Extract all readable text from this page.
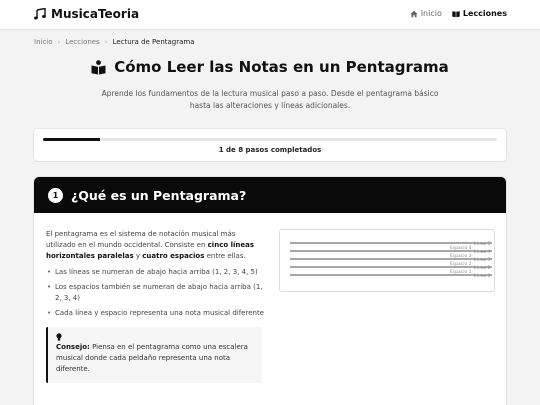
MusicaTeoria	Inicio	Lecciones
Inicio › Lecciones › Lectura de Pentagrama
Cómo Leer las Notas en un Pentagrama

Aprende los fundamentos de la lectura musical paso a paso. Desde el pentagrama básico hasta las alteraciones y líneas adicionales.

1 de 8 pasos completados
1	¿Qué es un Pentagrama?

El pentagrama es el sistema de notación musical más utilizado en el mundo occidental. Consiste en cinco líneas horizontales paralelas y cuatro espacios entre ellas.

• Las líneas se numeran de abajo hacia arriba (1, 2, 3, 4, 5)
• Los espacios también se numeran de abajo hacia arriba (1, 2, 3, 4)
• Cada línea y espacio representa una nota musical diferente

Consejo: Piensa en el pentagrama como una escalera musical donde cada peldaño representa una nota diferente.

Línea 5
Línea 4
Línea 3
Línea 2
Línea 1
Espacio 4
Espacio 3
Espacio 2
Espacio 1
